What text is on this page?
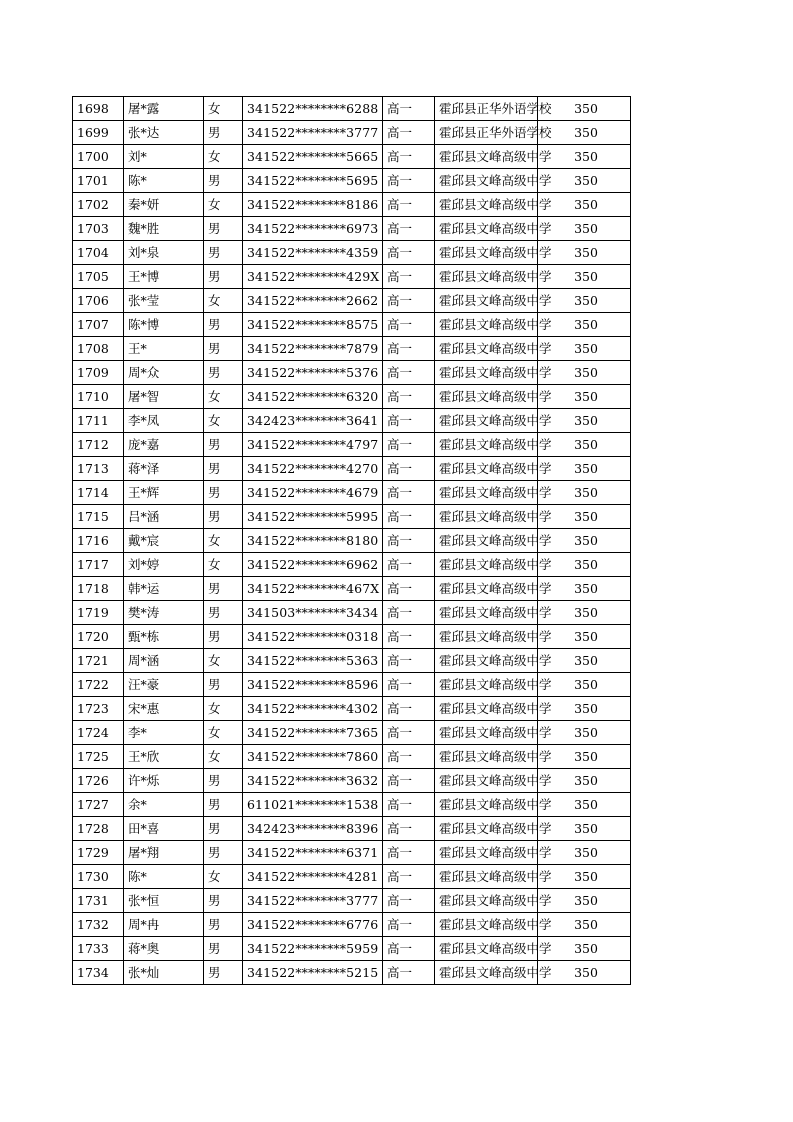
1698	屠*露	女	341522********6288	高一	霍邱县正华外语学校	350
1699	张*达	男	341522********3777	高一	霍邱县正华外语学校	350
1700	刘*	女	341522********5665	高一	霍邱县文峰高级中学	350
1701	陈*	男	341522********5695	高一	霍邱县文峰高级中学	350
1702	秦*妍	女	341522********8186	高一	霍邱县文峰高级中学	350
1703	魏*胜	男	341522********6973	高一	霍邱县文峰高级中学	350
1704	刘*泉	男	341522********4359	高一	霍邱县文峰高级中学	350
1705	王*博	男	341522********429X	高一	霍邱县文峰高级中学	350
1706	张*莹	女	341522********2662	高一	霍邱县文峰高级中学	350
1707	陈*博	男	341522********8575	高一	霍邱县文峰高级中学	350
1708	王*	男	341522********7879	高一	霍邱县文峰高级中学	350
1709	周*众	男	341522********5376	高一	霍邱县文峰高级中学	350
1710	屠*智	女	341522********6320	高一	霍邱县文峰高级中学	350
1711	李*凤	女	342423********3641	高一	霍邱县文峰高级中学	350
1712	庞*嘉	男	341522********4797	高一	霍邱县文峰高级中学	350
1713	蒋*泽	男	341522********4270	高一	霍邱县文峰高级中学	350
1714	王*辉	男	341522********4679	高一	霍邱县文峰高级中学	350
1715	吕*涵	男	341522********5995	高一	霍邱县文峰高级中学	350
1716	戴*宸	女	341522********8180	高一	霍邱县文峰高级中学	350
1717	刘*婷	女	341522********6962	高一	霍邱县文峰高级中学	350
1718	韩*运	男	341522********467X	高一	霍邱县文峰高级中学	350
1719	樊*涛	男	341503********3434	高一	霍邱县文峰高级中学	350
1720	甄*栋	男	341522********0318	高一	霍邱县文峰高级中学	350
1721	周*涵	女	341522********5363	高一	霍邱县文峰高级中学	350
1722	汪*豪	男	341522********8596	高一	霍邱县文峰高级中学	350
1723	宋*惠	女	341522********4302	高一	霍邱县文峰高级中学	350
1724	李*	女	341522********7365	高一	霍邱县文峰高级中学	350
1725	王*欣	女	341522********7860	高一	霍邱县文峰高级中学	350
1726	许*烁	男	341522********3632	高一	霍邱县文峰高级中学	350
1727	余*	男	611021********1538	高一	霍邱县文峰高级中学	350
1728	田*喜	男	342423********8396	高一	霍邱县文峰高级中学	350
1729	屠*翔	男	341522********6371	高一	霍邱县文峰高级中学	350
1730	陈*	女	341522********4281	高一	霍邱县文峰高级中学	350
1731	张*恒	男	341522********3777	高一	霍邱县文峰高级中学	350
1732	周*冉	男	341522********6776	高一	霍邱县文峰高级中学	350
1733	蒋*奥	男	341522********5959	高一	霍邱县文峰高级中学	350
1734	张*灿	男	341522********5215	高一	霍邱县文峰高级中学	350
